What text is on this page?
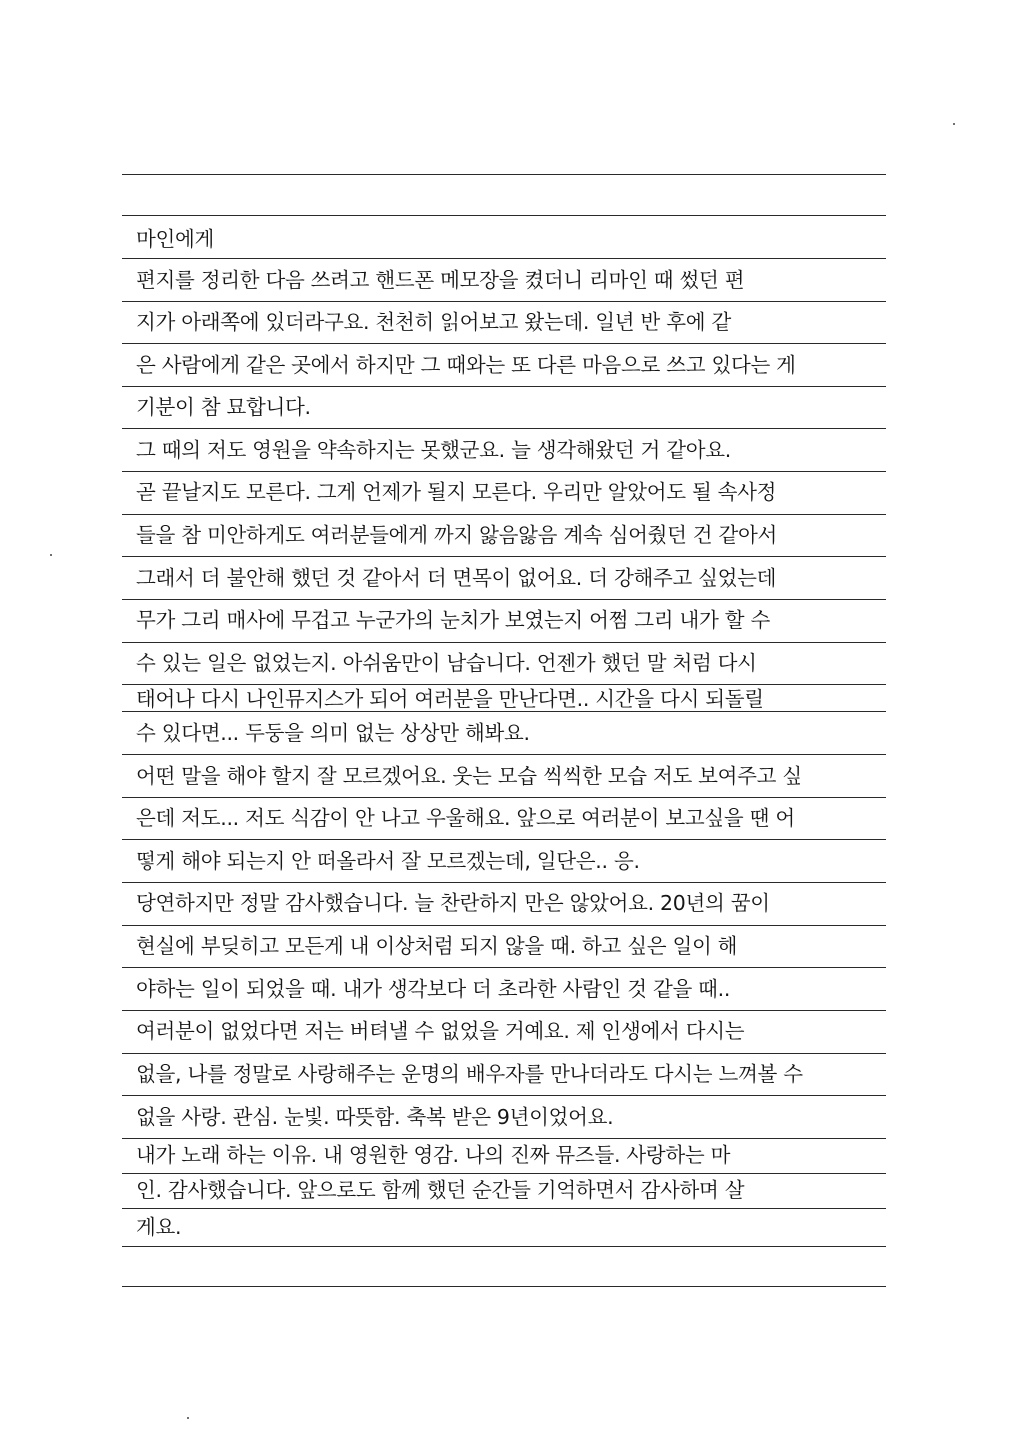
마인에게
편지를 정리한 다음 쓰려고 핸드폰 메모장을 켰더니 리마인 때 썼던 편
지가 아래쪽에 있더라구요. 천천히 읽어보고 왔는데. 일년 반 후에 같
은 사람에게 같은 곳에서 하지만 그 때와는 또 다른 마음으로 쓰고 있다는 게
기분이 참 묘합니다.
그 때의 저도 영원을 약속하지는 못했군요. 늘 생각해왔던 거 같아요.
곧 끝날지도 모른다. 그게 언제가 될지 모른다. 우리만 알았어도 될 속사정
들을 참 미안하게도 여러분들에게 까지 앓음앓음 계속 심어줬던 건 같아서
그래서 더 불안해 했던 것 같아서 더 면목이 없어요. 더 강해주고 싶었는데
무가 그리 매사에 무겁고 누군가의 눈치가 보였는지 어쩜 그리 내가 할 수
수 있는 일은 없었는지. 아쉬움만이 남습니다. 언젠가 했던 말 처럼 다시
태어나 다시 나인뮤지스가 되어 여러분을 만난다면.. 시간을 다시 되돌릴
수 있다면... 두둥을 의미 없는 상상만 해봐요.
어떤 말을 해야 할지 잘 모르겠어요. 웃는 모습 씩씩한 모습 저도 보여주고 싶
은데 저도... 저도 식감이 안 나고 우울해요. 앞으로 여러분이 보고싶을 땐 어
떻게 해야 되는지 안 떠올라서 잘 모르겠는데, 일단은.. 응.
당연하지만 정말 감사했습니다. 늘 찬란하지 만은 않았어요. 20년의 꿈이
현실에 부딪히고 모든게 내 이상처럼 되지 않을 때. 하고 싶은 일이 해
야하는 일이 되었을 때. 내가 생각보다 더 초라한 사람인 것 같을 때..
여러분이 없었다면 저는 버텨낼 수 없었을 거예요. 제 인생에서 다시는
없을, 나를 정말로 사랑해주는 운명의 배우자를 만나더라도 다시는 느껴볼 수
없을 사랑. 관심. 눈빛. 따뜻함. 축복 받은 9년이었어요.
내가 노래 하는 이유. 내 영원한 영감. 나의 진짜 뮤즈들. 사랑하는 마
인. 감사했습니다. 앞으로도 함께 했던 순간들 기억하면서 감사하며 살
게요.
